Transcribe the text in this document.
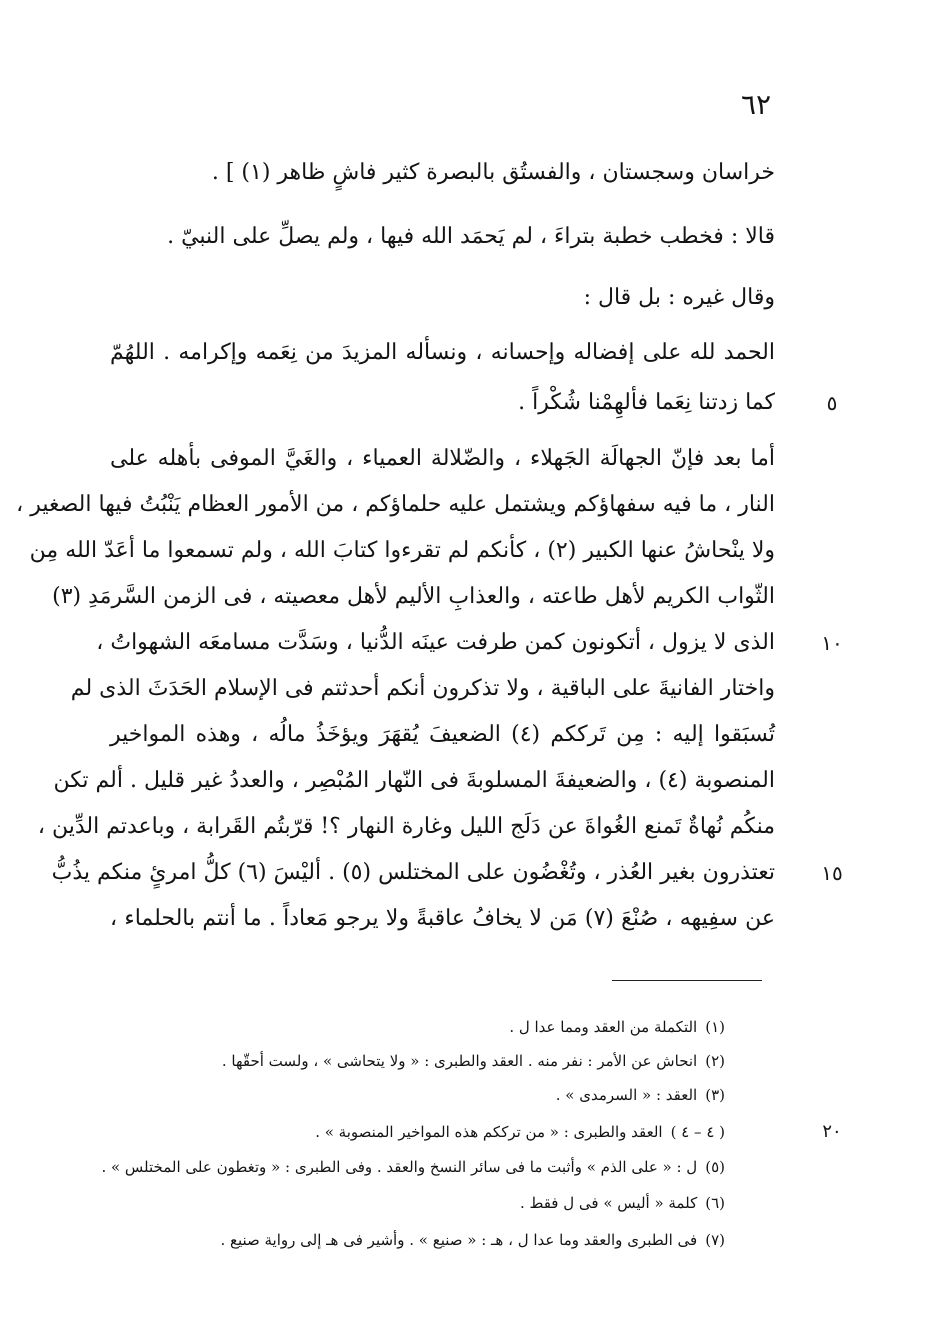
٦٢
خراسان وسجستان ، والفستُق بالبصرة كثير فاشٍ ظاهر (١) ] .
قالا : فخطب خطبة بتراءَ ، لم يَحمَد الله فيها ، ولم يصلِّ على النبيّ .
وقال غيره : بل قال :
الحمد لله على إفضاله وإحسانه ، ونسأله المزيدَ من نِعَمه وإكرامه . اللهُمّ
كما زدتنا نِعَما فألهِمْنا شُكْراً .	٥
أما بعد فإنّ الجهالَة الجَهلاء ، والضّلالة العمياء ، والغَيَّ الموفى بأهله على
النار ، ما فيه سفهاؤكم ويشتمل عليه حلماؤكم ، من الأمور العظام يَنْبُتُ فيها الصغير ،
ولا ينْحاشُ عنها الكبير (٢) ، كأنكم لم تقرءوا كتابَ الله ، ولم تسمعوا ما أعَدّ الله مِن
الثّواب الكريم لأهل طاعته ، والعذابِ الأليم لأهل معصيته ، فى الزمن السَّرمَدِ (٣)
الذى لا يزول ، أتكونون كمن طرفت عينَه الدُّنيا ، وسَدَّت مسامعَه الشهواتُ ،	١٠
واختار الفانيةَ على الباقية ، ولا تذكرون أنكم أحدثتم فى الإسلام الحَدَثَ الذى لم
تُسبَقوا إليه : مِن تَرككم (٤) الضعيفَ يُقهَرَ ويؤخَذُ مالُه ، وهذه المواخير
المنصوبة (٤) ، والضعيفةَ المسلوبةَ فى النّهار المُبْصِر ، والعددُ غير قليل . ألم تكن
منكُم نُهاةٌ تَمنع الغُواةَ عن دَلَج الليل وغارة النهار ؟! قرّبتُم القَرابة ، وباعدتم الدِّين ،
تعتذرون بغير العُذر ، وتُغْضُون على المختلس (٥) . أليْسَ (٦) كلُّ امرئٍ منكم يذُبُّ	١٥
عن سفِيهه ، صُنْعَ (٧) مَن لا يخافُ عاقبةً ولا يرجو مَعاداً . ما أنتم بالحلماء ،
(١)التكملة من العقد ومما عدا ل .
(٢)انحاش عن الأمر : نفر منه . العقد والطبرى : « ولا يتحاشى » ، ولست أحقّها .
(٣)العقد : « السرمدى » .
( ٤ – ٤ )العقد والطبرى : « من ترككم هذه المواخير المنصوبة » .	٢٠
(٥)ل : « على الذم » وأثبت ما فى سائر النسخ والعقد . وفى الطبرى : « وتغطون على المختلس » .
(٦)كلمة « أليس » فى ل فقط .
(٧)فى الطبرى والعقد وما عدا ل ، هـ : « صنيع » . وأشير فى هـ إلى رواية صنيع .
